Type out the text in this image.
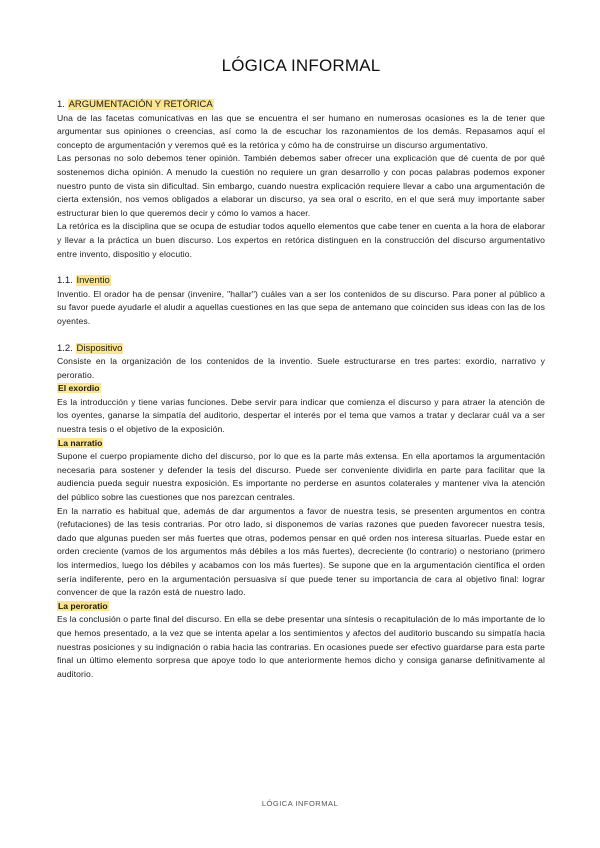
LÓGICA INFORMAL
1. ARGUMENTACIÓN Y RETÓRICA

Una de las facetas comunicativas en las que se encuentra el ser humano en numerosas ocasiones es la de tener que argumentar sus opiniones o creencias, así como la de escuchar los razonamientos de los demás. Repasamos aquí el concepto de argumentación y veremos qué es la retórica y cómo ha de construirse un discurso argumentativo.

Las personas no solo debemos tener opinión. También debemos saber ofrecer una explicación que dé cuenta de por qué sostenemos dicha opinión. A menudo la cuestión no requiere un gran desarrollo y con pocas palabras podemos exponer nuestro punto de vista sin dificultad. Sin embargo, cuando nuestra explicación requiere llevar a cabo una argumentación de cierta extensión, nos vemos obligados a elaborar un discurso, ya sea oral o escrito, en el que será muy importante saber estructurar bien lo que queremos decir y cómo lo vamos a hacer.

La retórica es la disciplina que se ocupa de estudiar todos aquello elementos que cabe tener en cuenta a la hora de elaborar y llevar a la práctica un buen discurso. Los expertos en retórica distinguen en la construcción del discurso argumentativo entre invento, dispositio y elocutio.

1.1. Inventio

Inventio. El orador ha de pensar (invenire, "hallar") cuáles van a ser los contenidos de su discurso. Para poner al público a su favor puede ayudarle el aludir a aquellas cuestiones en las que sepa de antemano que coinciden sus ideas con las de los oyentes.

1.2. Dispositivo

Consiste en la organización de los contenidos de la inventio. Suele estructurarse en tres partes: exordio, narrativo y peroratio.

El exordio

Es la introducción y tiene varias funciones. Debe servir para indicar que comienza el discurso y para atraer la atención de los oyentes, ganarse la simpatía del auditorio, despertar el interés por el tema que vamos a tratar y declarar cuál va a ser nuestra tesis o el objetivo de la exposición.

La narratio

Supone el cuerpo propiamente dicho del discurso, por lo que es la parte más extensa. En ella aportamos la argumentación necesaria para sostener y defender la tesis del discurso. Puede ser conveniente dividirla en parte para facilitar que la audiencia pueda seguir nuestra exposición. Es importante no perderse en asuntos colaterales y mantener viva la atención del público sobre las cuestiones que nos parezcan centrales.

En la narratio es habitual que, además de dar argumentos a favor de nuestra tesis, se presenten argumentos en contra (refutaciones) de las tesis contrarias. Por otro lado, si disponemos de varias razones que pueden favorecer nuestra tesis, dado que algunas pueden ser más fuertes que otras, podemos pensar en qué orden nos interesa situarlas. Puede estar en orden creciente (vamos de los argumentos más débiles a los más fuertes), decreciente (lo contrario) o nestoriano (primero los intermedios, luego los débiles y acabamos con los más fuertes). Se supone que en la argumentación científica el orden sería indiferente, pero en la argumentación persuasiva sí que puede tener su importancia de cara al objetivo final: lograr convencer de que la razón está de nuestro lado.

La peroratio

Es la conclusión o parte final del discurso. En ella se debe presentar una síntesis o recapitulación de lo más importante de lo que hemos presentado, a la vez que se intenta apelar a los sentimientos y afectos del auditorio buscando su simpatía hacia nuestras posiciones y su indignación o rabia hacia las contrarias. En ocasiones puede ser efectivo guardarse para esta parte final un último elemento sorpresa que apoye todo lo que anteriormente hemos dicho y consiga ganarse definitivamente al auditorio.

LÓGICA INFORMAL
